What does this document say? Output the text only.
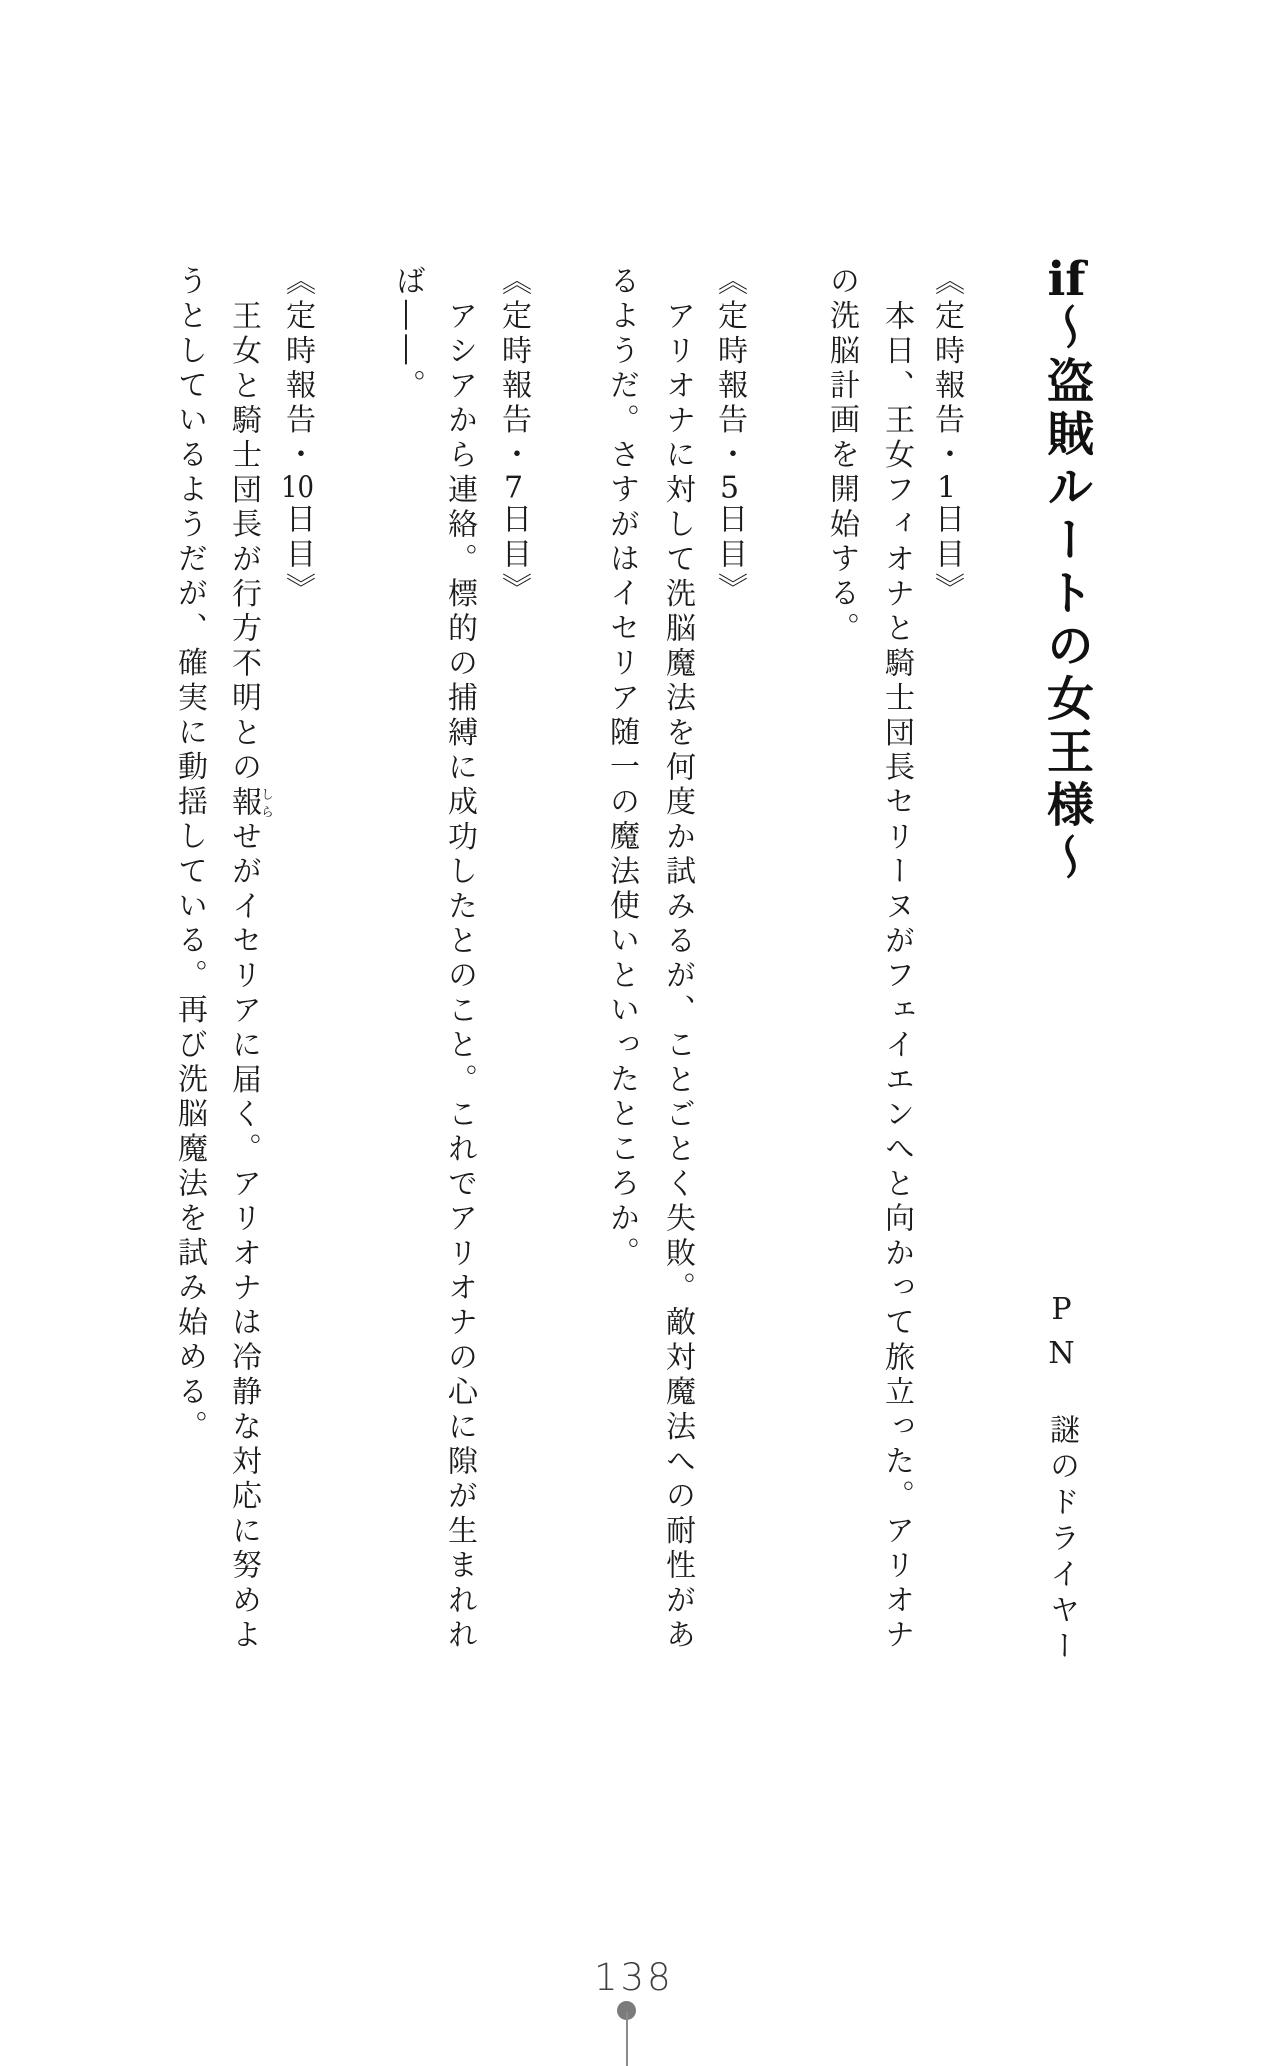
if〜盗賊ルートの女王様〜
PN謎のドライヤー
《定時報告・1日目》
本日、王女フィオナと騎士団長セリーヌがフェイエンへと向かって旅立った。アリオナ
の洗脳計画を開始する。
《定時報告・5日目》
アリオナに対して洗脳魔法を何度か試みるが、ことごとく失敗。敵対魔法への耐性があ
るようだ。さすがはイセリア随一の魔法使いといったところか。
《定時報告・7日目》
アシアから連絡。標的の捕縛に成功したとのこと。これでアリオナの心に隙が生まれれ
ば――。
《定時報告・10日目》
王女と騎士団長が行方不明との報しらせがイセリアに届く。アリオナは冷静な対応に努めよ
うとしているようだが、確実に動揺している。再び洗脳魔法を試み始める。
138
